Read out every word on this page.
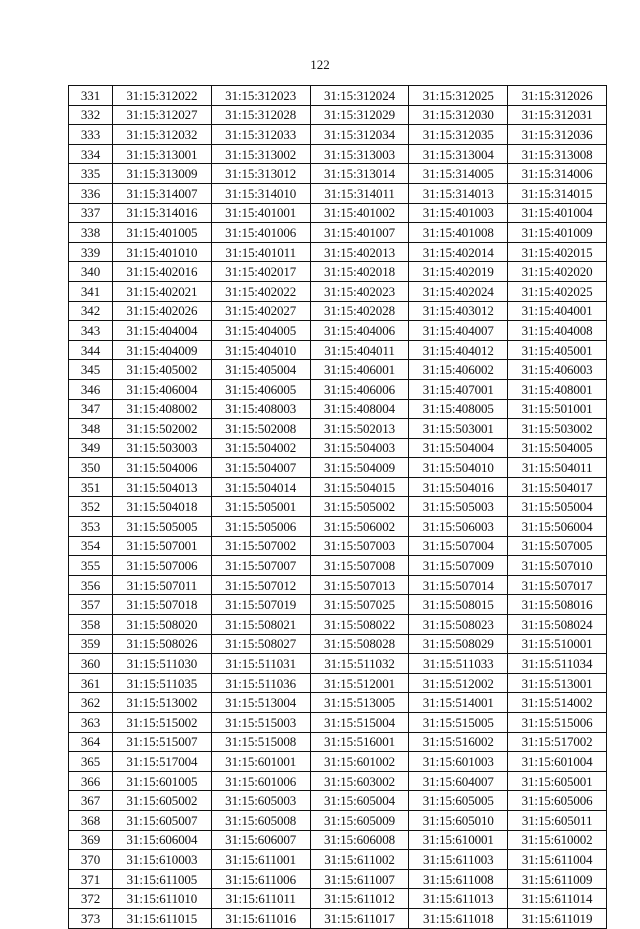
122
331	31:15:312022	31:15:312023	31:15:312024	31:15:312025	31:15:312026
332	31:15:312027	31:15:312028	31:15:312029	31:15:312030	31:15:312031
333	31:15:312032	31:15:312033	31:15:312034	31:15:312035	31:15:312036
334	31:15:313001	31:15:313002	31:15:313003	31:15:313004	31:15:313008
335	31:15:313009	31:15:313012	31:15:313014	31:15:314005	31:15:314006
336	31:15:314007	31:15:314010	31:15:314011	31:15:314013	31:15:314015
337	31:15:314016	31:15:401001	31:15:401002	31:15:401003	31:15:401004
338	31:15:401005	31:15:401006	31:15:401007	31:15:401008	31:15:401009
339	31:15:401010	31:15:401011	31:15:402013	31:15:402014	31:15:402015
340	31:15:402016	31:15:402017	31:15:402018	31:15:402019	31:15:402020
341	31:15:402021	31:15:402022	31:15:402023	31:15:402024	31:15:402025
342	31:15:402026	31:15:402027	31:15:402028	31:15:403012	31:15:404001
343	31:15:404004	31:15:404005	31:15:404006	31:15:404007	31:15:404008
344	31:15:404009	31:15:404010	31:15:404011	31:15:404012	31:15:405001
345	31:15:405002	31:15:405004	31:15:406001	31:15:406002	31:15:406003
346	31:15:406004	31:15:406005	31:15:406006	31:15:407001	31:15:408001
347	31:15:408002	31:15:408003	31:15:408004	31:15:408005	31:15:501001
348	31:15:502002	31:15:502008	31:15:502013	31:15:503001	31:15:503002
349	31:15:503003	31:15:504002	31:15:504003	31:15:504004	31:15:504005
350	31:15:504006	31:15:504007	31:15:504009	31:15:504010	31:15:504011
351	31:15:504013	31:15:504014	31:15:504015	31:15:504016	31:15:504017
352	31:15:504018	31:15:505001	31:15:505002	31:15:505003	31:15:505004
353	31:15:505005	31:15:505006	31:15:506002	31:15:506003	31:15:506004
354	31:15:507001	31:15:507002	31:15:507003	31:15:507004	31:15:507005
355	31:15:507006	31:15:507007	31:15:507008	31:15:507009	31:15:507010
356	31:15:507011	31:15:507012	31:15:507013	31:15:507014	31:15:507017
357	31:15:507018	31:15:507019	31:15:507025	31:15:508015	31:15:508016
358	31:15:508020	31:15:508021	31:15:508022	31:15:508023	31:15:508024
359	31:15:508026	31:15:508027	31:15:508028	31:15:508029	31:15:510001
360	31:15:511030	31:15:511031	31:15:511032	31:15:511033	31:15:511034
361	31:15:511035	31:15:511036	31:15:512001	31:15:512002	31:15:513001
362	31:15:513002	31:15:513004	31:15:513005	31:15:514001	31:15:514002
363	31:15:515002	31:15:515003	31:15:515004	31:15:515005	31:15:515006
364	31:15:515007	31:15:515008	31:15:516001	31:15:516002	31:15:517002
365	31:15:517004	31:15:601001	31:15:601002	31:15:601003	31:15:601004
366	31:15:601005	31:15:601006	31:15:603002	31:15:604007	31:15:605001
367	31:15:605002	31:15:605003	31:15:605004	31:15:605005	31:15:605006
368	31:15:605007	31:15:605008	31:15:605009	31:15:605010	31:15:605011
369	31:15:606004	31:15:606007	31:15:606008	31:15:610001	31:15:610002
370	31:15:610003	31:15:611001	31:15:611002	31:15:611003	31:15:611004
371	31:15:611005	31:15:611006	31:15:611007	31:15:611008	31:15:611009
372	31:15:611010	31:15:611011	31:15:611012	31:15:611013	31:15:611014
373	31:15:611015	31:15:611016	31:15:611017	31:15:611018	31:15:611019
